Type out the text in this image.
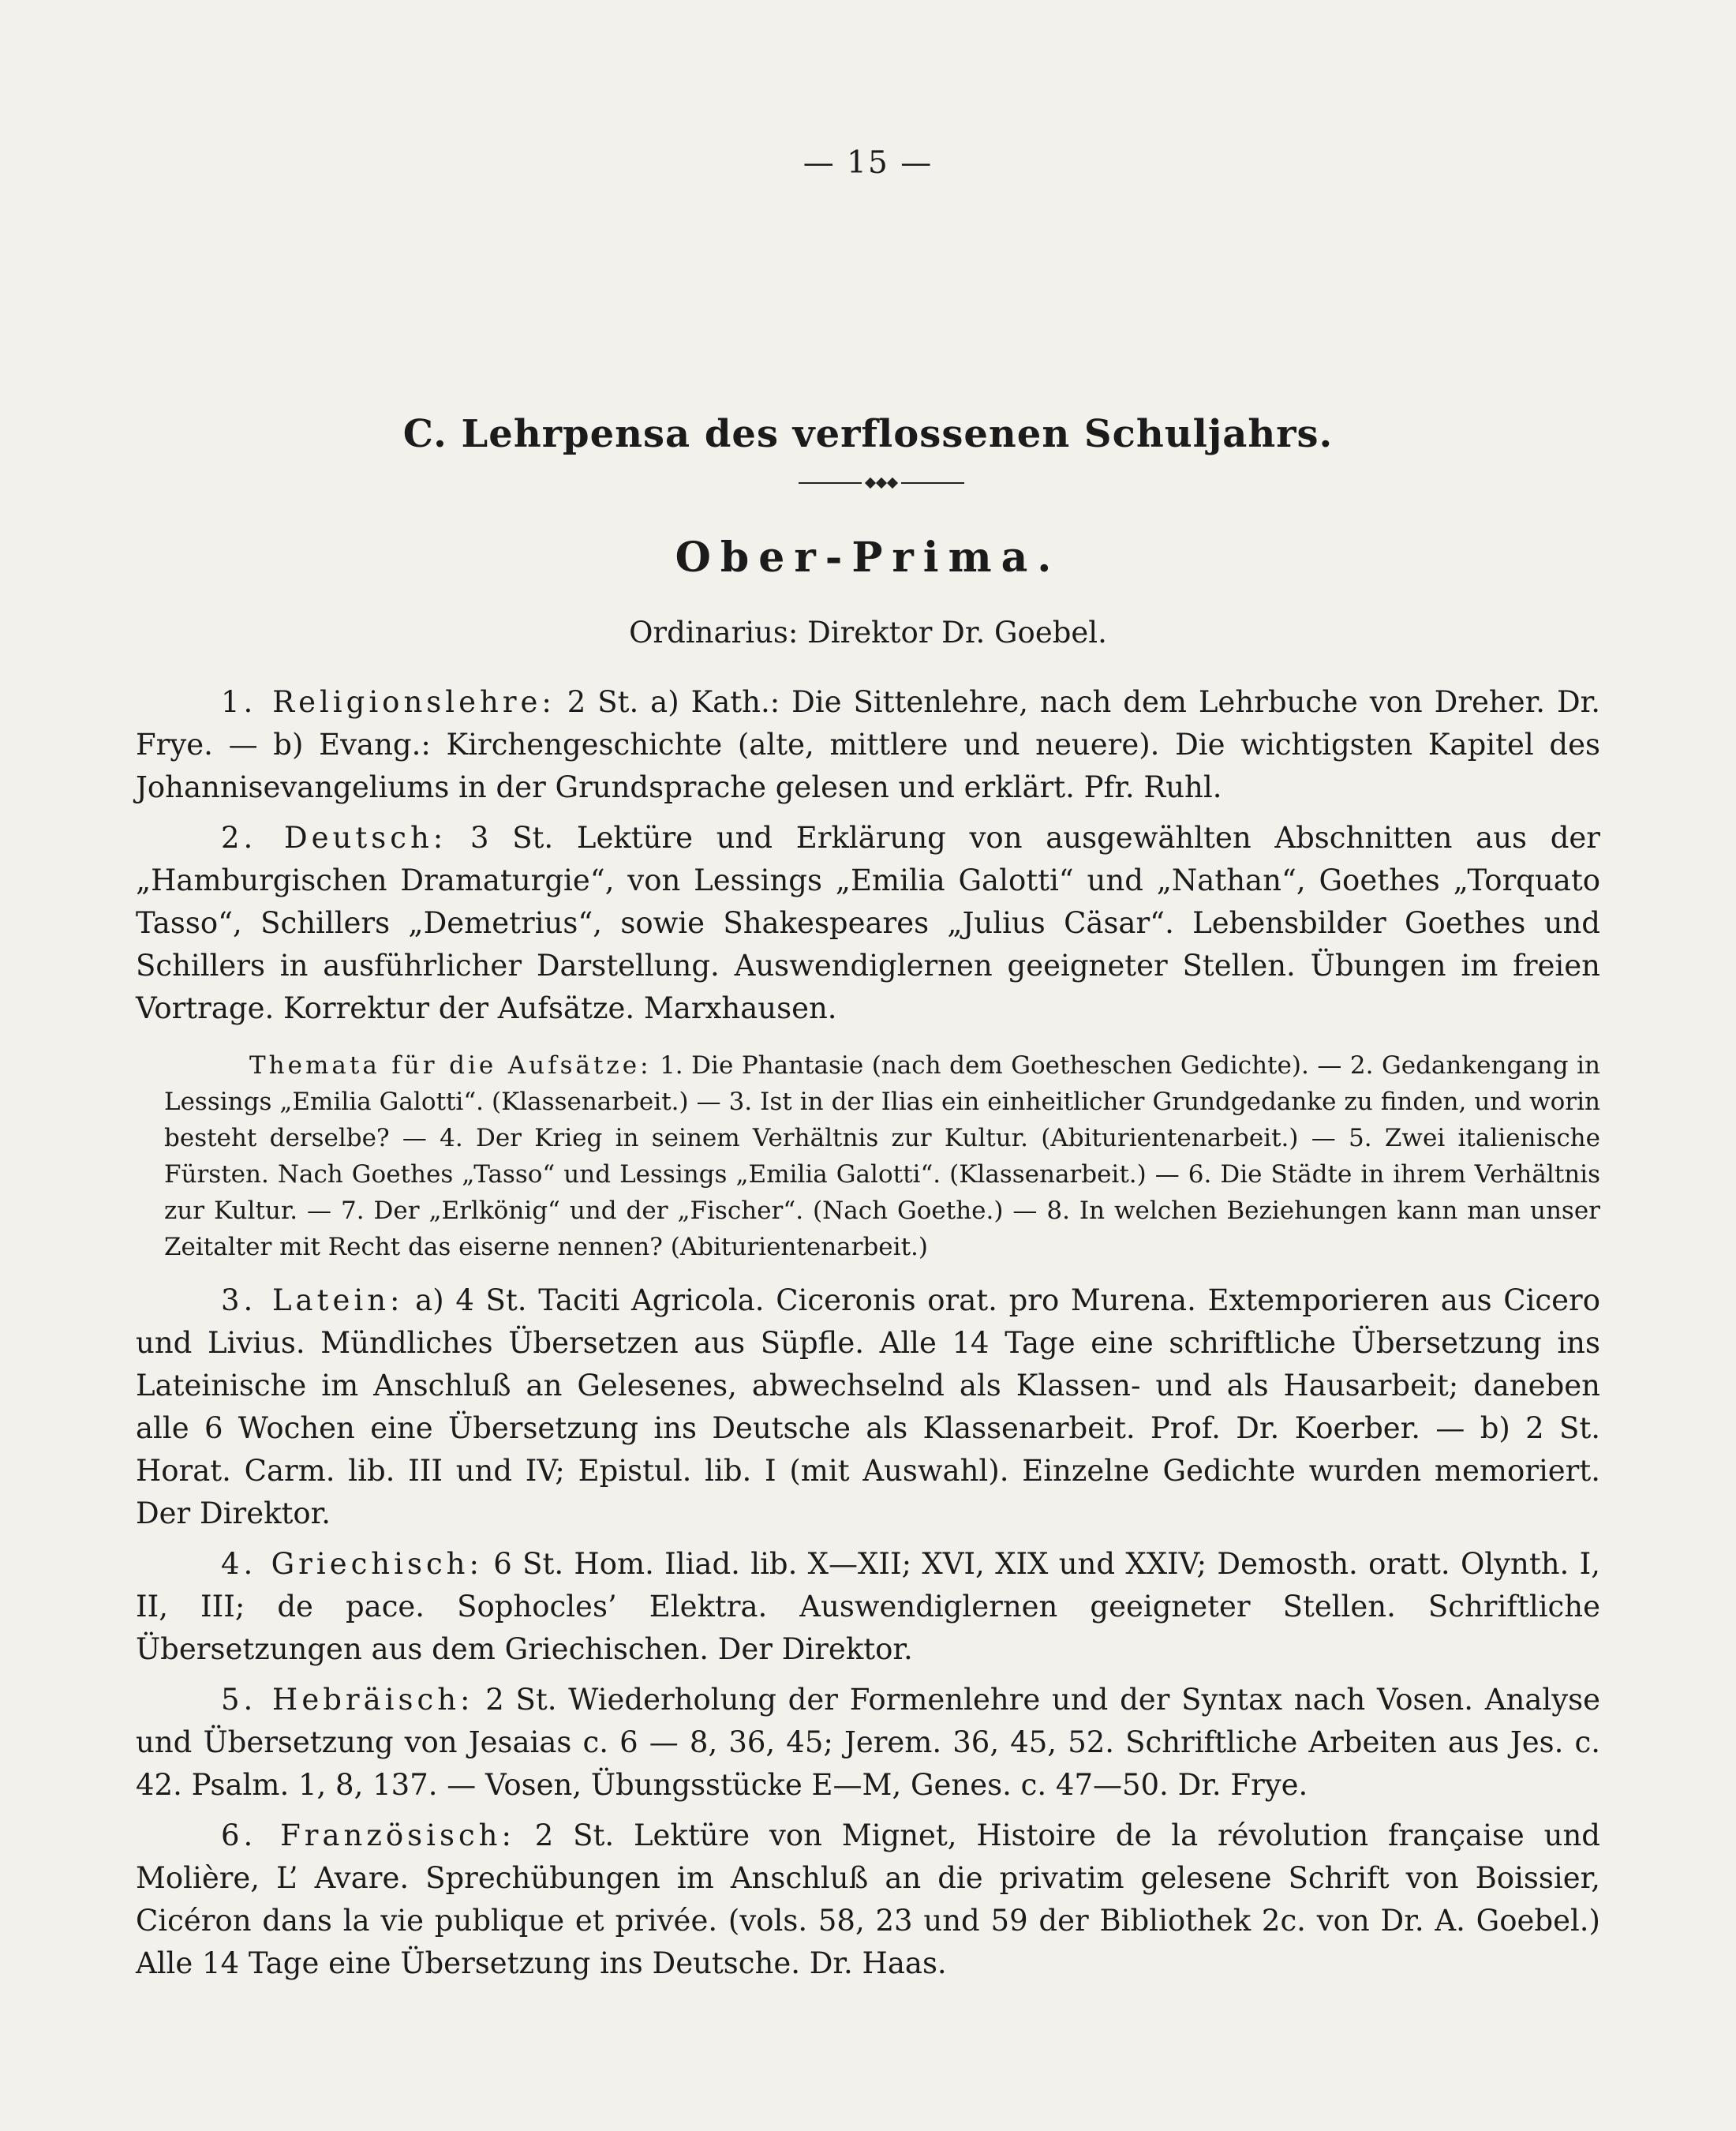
— 15 —
C. Lehrpensa des verflossenen Schuljahrs.
Ober-Prima.
Ordinarius: Direktor Dr. Goebel.

1. Religionslehre: 2 St. a) Kath.: Die Sittenlehre, nach dem Lehrbuche von Dreher. Dr. Frye. — b) Evang.: Kirchengeschichte (alte, mittlere und neuere). Die wichtigsten Kapitel des Johannisevangeliums in der Grundsprache gelesen und erklärt. Pfr. Ruhl.

2. Deutsch: 3 St. Lektüre und Erklärung von ausgewählten Abschnitten aus der „Hamburgischen Dramaturgie“, von Lessings „Emilia Galotti“ und „Nathan“, Goethes „Torquato Tasso“, Schillers „Demetrius“, sowie Shakespeares „Julius Cäsar“. Lebensbilder Goethes und Schillers in ausführlicher Darstellung. Auswendiglernen geeigneter Stellen. Übungen im freien Vortrage. Korrektur der Aufsätze. Marxhausen.

Themata für die Aufsätze: 1. Die Phantasie (nach dem Goetheschen Gedichte). — 2. Gedankengang in Lessings „Emilia Galotti“. (Klassenarbeit.) — 3. Ist in der Ilias ein einheitlicher Grundgedanke zu finden, und worin besteht derselbe? — 4. Der Krieg in seinem Verhältnis zur Kultur. (Abiturientenarbeit.) — 5. Zwei italienische Fürsten. Nach Goethes „Tasso“ und Lessings „Emilia Galotti“. (Klassenarbeit.) — 6. Die Städte in ihrem Verhältnis zur Kultur. — 7. Der „Erlkönig“ und der „Fischer“. (Nach Goethe.) — 8. In welchen Beziehungen kann man unser Zeitalter mit Recht das eiserne nennen? (Abiturientenarbeit.)

3. Latein: a) 4 St. Taciti Agricola. Ciceronis orat. pro Murena. Extemporieren aus Cicero und Livius. Mündliches Übersetzen aus Süpfle. Alle 14 Tage eine schriftliche Übersetzung ins Lateinische im Anschluß an Gelesenes, abwechselnd als Klassen- und als Hausarbeit; daneben alle 6 Wochen eine Übersetzung ins Deutsche als Klassenarbeit. Prof. Dr. Koerber. — b) 2 St. Horat. Carm. lib. III und IV; Epistul. lib. I (mit Auswahl). Einzelne Gedichte wurden memoriert. Der Direktor.

4. Griechisch: 6 St. Hom. Iliad. lib. X—XII; XVI, XIX und XXIV; Demosth. oratt. Olynth. I, II, III; de pace. Sophocles’ Elektra. Auswendiglernen geeigneter Stellen. Schriftliche Übersetzungen aus dem Griechischen. Der Direktor.

5. Hebräisch: 2 St. Wiederholung der Formenlehre und der Syntax nach Vosen. Analyse und Übersetzung von Jesaias c. 6 — 8, 36, 45; Jerem. 36, 45, 52. Schriftliche Arbeiten aus Jes. c. 42. Psalm. 1, 8, 137. — Vosen, Übungsstücke E—M, Genes. c. 47—50. Dr. Frye.

6. Französisch: 2 St. Lektüre von Mignet, Histoire de la révolution française und Molière, L’ Avare. Sprechübungen im Anschluß an die privatim gelesene Schrift von Boissier, Cicéron dans la vie publique et privée. (vols. 58, 23 und 59 der Bibliothek 2c. von Dr. A. Goebel.) Alle 14 Tage eine Übersetzung ins Deutsche. Dr. Haas.
